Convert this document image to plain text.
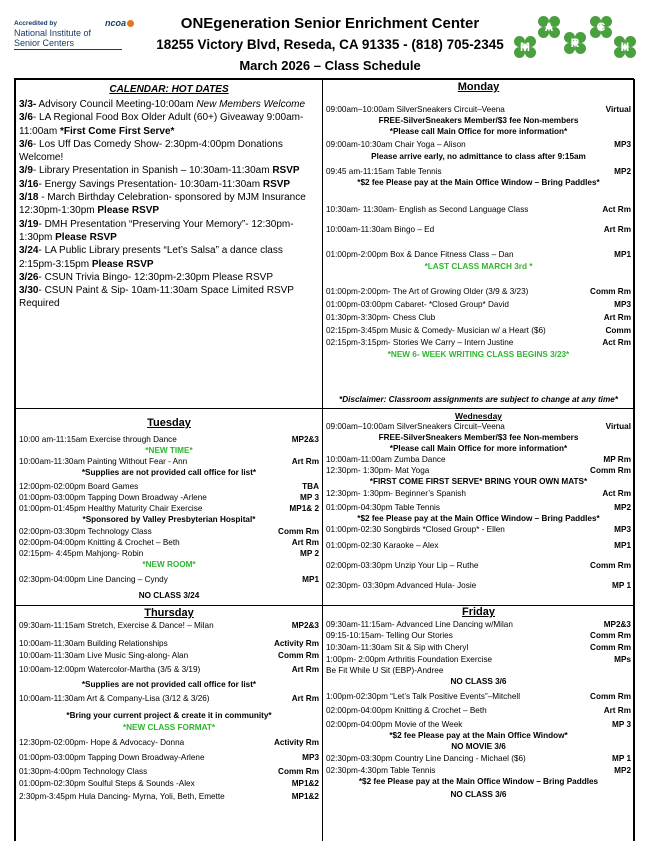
Accredited by	ncoa
National Institute of
Senior Centers
ONEgeneration Senior Enrichment Center
18255 Victory Blvd, Reseda, CA 91335 - (818) 705-2345
March 2026 – Class Schedule
M
A
R
C
H
CALENDAR: HOT DATES

3/3- Advisory Council Meeting-10:00am New Members Welcome

3/6- LA Regional Food Box Older Adult (60+) Giveaway 9:00am-11:00am *First Come First Serve*

3/6- Los Uff Das Comedy Show- 2:30pm-4:00pm Donations Welcome!

3/9- Library Presentation in Spanish – 10:30am-11:30am RSVP

3/16- Energy Savings Presentation- 10:30am-11:30am RSVP

3/18 - March Birthday Celebration- sponsored by MJM Insurance 12:30pm-1:30pm Please RSVP

3/19- DMH Presentation “Preserving Your Memory”- 12:30pm-1:30pm Please RSVP

3/24- LA Public Library presents “Let’s Salsa” a dance class 2:15pm-3:15pm Please RSVP

3/26- CSUN Trivia Bingo- 12:30pm-2:30pm Please RSVP

3/30- CSUN Paint & Sip- 10am-11:30am Space Limited RSVP Required

Monday
09:00am–10:00am SilverSneakers Circuit–Veena	Virtual
FREE-SilverSneakers Member/$3 fee Non-members
*Please call Main Office for more information*
09:00am-10:30am Chair Yoga – Alison	MP3
Please arrive early, no admittance to class after 9:15am
09:45 am-11:15am Table Tennis	MP2
*$2 fee Please pay at the Main Office Window – Bring Paddles*
10:30am- 11:30am- English as Second Language Class	Act Rm
10:00am-11:30am Bingo – Ed	Art Rm
01:00pm-2:00pm Box & Dance Fitness Class – Dan	MP1
*LAST CLASS MARCH 3rd *
01:00pm-2:00pm- The Art of Growing Older (3/9 & 3/23)	Comm Rm
01:00pm-03:00pm Cabaret- *Closed Group* David	MP3
01:30pm-3:30pm- Chess Club	Art Rm
02:15pm-3:45pm Music & Comedy- Musician w/ a Heart ($6)	Comm
02:15pm-3:15pm- Stories We Carry – Intern Justine	Act Rm
*NEW 6- WEEK WRITING CLASS BEGINS 3/23*
*Disclaimer: Classroom assignments are subject to change at any time*
Tuesday
10:00 am-11:15am Exercise through Dance	MP2&3
*NEW TIME*
10:00am-11:30am Painting Without Fear - Ann	Art Rm
*Supplies are not provided call office for list*
12:00pm-02:00pm Board Games	TBA
01:00pm-03:00pm Tapping Down Broadway -Arlene	MP 3
01:00pm-01:45pm Healthy Maturity Chair Exercise	MP1& 2
*Sponsored by Valley Presbyterian Hospital*
02:00pm-03:30pm Technology Class	Comm Rm
02:00pm-04:00pm Knitting & Crochet – Beth	Art Rm
02:15pm- 4:45pm Mahjong- Robin	MP 2
*NEW ROOM*
02:30pm-04:00pm Line Dancing – Cyndy	MP1
NO CLASS 3/24
Wednesday
09:00am–10:00am SilverSneakers Circuit–Veena	Virtual
FREE-SilverSneakers Member/$3 fee Non-members
*Please call Main Office for more information*
10:00am-11:00am Zumba Dance	MP Rm
12:30pm- 1:30pm- Mat Yoga	Comm Rm
*FIRST COME FIRST SERVE* BRING YOUR OWN MATS*
12:30pm- 1:30pm- Beginner’s Spanish	Act Rm
01:00pm-04:30pm Table Tennis	MP2
*$2 fee Please pay at the Main Office Window – Bring Paddles*
01:00pm-02:30 Songbirds *Closed Group* - Ellen	MP3
01:00pm-02:30 Karaoke – Alex	MP1
02:00pm-03:30pm Unzip Your Lip – Ruthe	Comm Rm
02:30pm- 03:30pm Advanced Hula- Josie	MP 1
Thursday
09:30am-11:15am Stretch, Exercise & Dance! – Milan	MP2&3
10:00am-11:30am Building Relationships	Activity Rm
10:00am-11:30am Live Music Sing-along- Alan	Comm Rm
10:00am-12:00pm Watercolor-Martha (3/5 & 3/19)	Art Rm
*Supplies are not provided call office for list*
10:00am-11:30am Art & Company-Lisa (3/12 & 3/26)	Art Rm
*Bring your current project & create it in community*
*NEW CLASS FORMAT*
12:30pm-02:00pm- Hope & Advocacy- Donna	Activity Rm
01:00pm-03:00pm Tapping Down Broadway-Arlene	MP3
01:30pm-4:00pm Technology Class	Comm Rm
01:00pm-02:30pm Soulful Steps & Sounds -Alex	MP1&2
2:30pm-3:45pm Hula Dancing- Myrna, Yoli, Beth, Emette	MP1&2
Friday
09:30am-11:15am- Advanced Line Dancing w/Milan	MP2&3
09:15-10:15am- Telling Our Stories	Comm Rm
10:30am-11:30am Sit & Sip with Cheryl	Comm Rm
1:00pm- 2:00pm Arthritis Foundation Exercise	MPs
Be Fit While U Sit (EBP)-Andree
NO CLASS 3/6
1:00pm-02:30pm “Let’s Talk Positive Events”–Mitchell	Comm Rm
02:00pm-04:00pm Knitting & Crochet – Beth	Art Rm
02:00pm-04:00pm Movie of the Week	MP 3
*$2 fee Please pay at the Main Office Window*
NO MOVIE 3/6
02:30pm-03:30pm Country Line Dancing - Michael ($6)	MP 1
02:30pm-4:30pm Table Tennis	MP2
*$2 fee Please pay at the Main Office Window – Bring Paddles
NO CLASS 3/6
